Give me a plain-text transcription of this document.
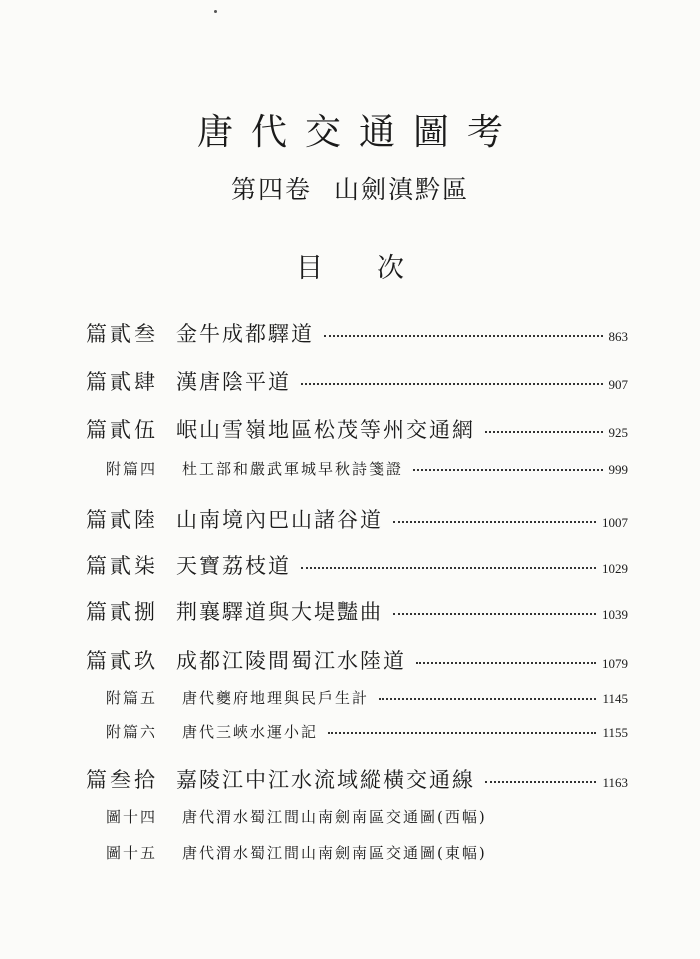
唐代交通圖考
第四卷 山劍滇黔區
目次
篇貳叁 金牛成都驛道	863
篇貳肆 漢唐陰平道	907
篇貳伍 岷山雪嶺地區松茂等州交通網	925
附篇四	杜工部和嚴武軍城早秋詩箋證	999
篇貳陸 山南境內巴山諸谷道	1007
篇貳柒 天寶荔枝道	1029
篇貳捌 荆襄驛道與大堤豔曲	1039
篇貳玖 成都江陵間蜀江水陸道	1079
附篇五	唐代夔府地理與民戶生計	1145
附篇六	唐代三峽水運小記	1155
篇叁拾 嘉陵江中江水流域縱橫交通線	1163
圖十四	唐代渭水蜀江間山南劍南區交通圖(西幅)
圖十五	唐代渭水蜀江間山南劍南區交通圖(東幅)
